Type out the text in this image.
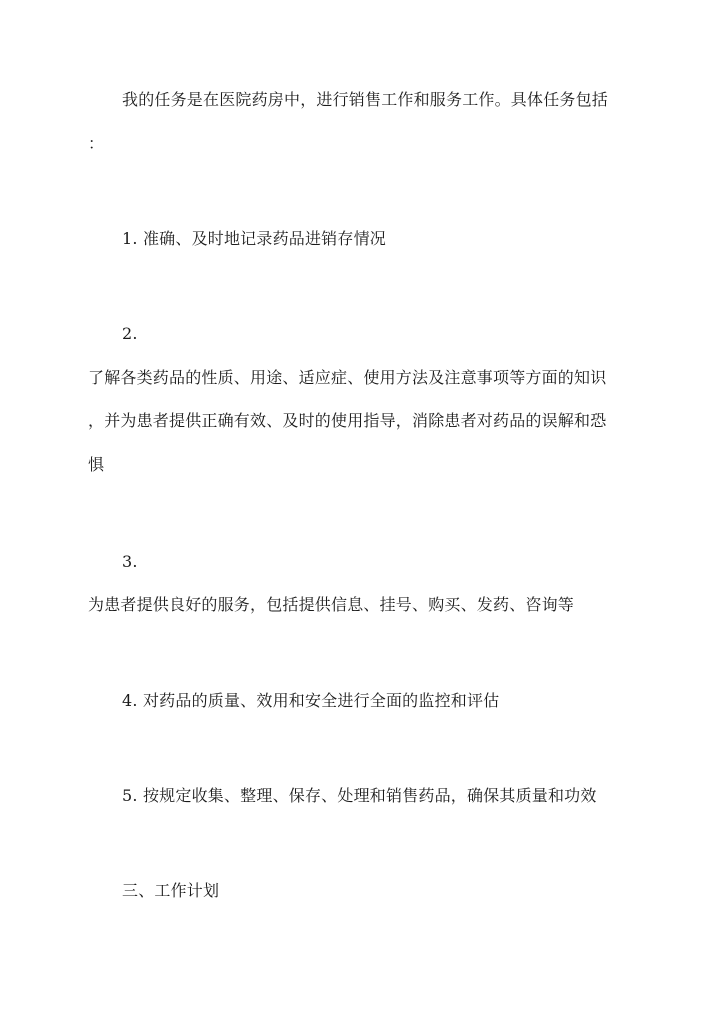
我的任务是在医院药房中，进行销售工作和服务工作。具体任务包括
：
1. 准确、及时地记录药品进销存情况
2.
了解各类药品的性质、用途、适应症、使用方法及注意事项等方面的知识
，并为患者提供正确有效、及时的使用指导，消除患者对药品的误解和恐
惧
3.
为患者提供良好的服务，包括提供信息、挂号、购买、发药、咨询等
4. 对药品的质量、效用和安全进行全面的监控和评估
5. 按规定收集、整理、保存、处理和销售药品，确保其质量和功效
三、工作计划
